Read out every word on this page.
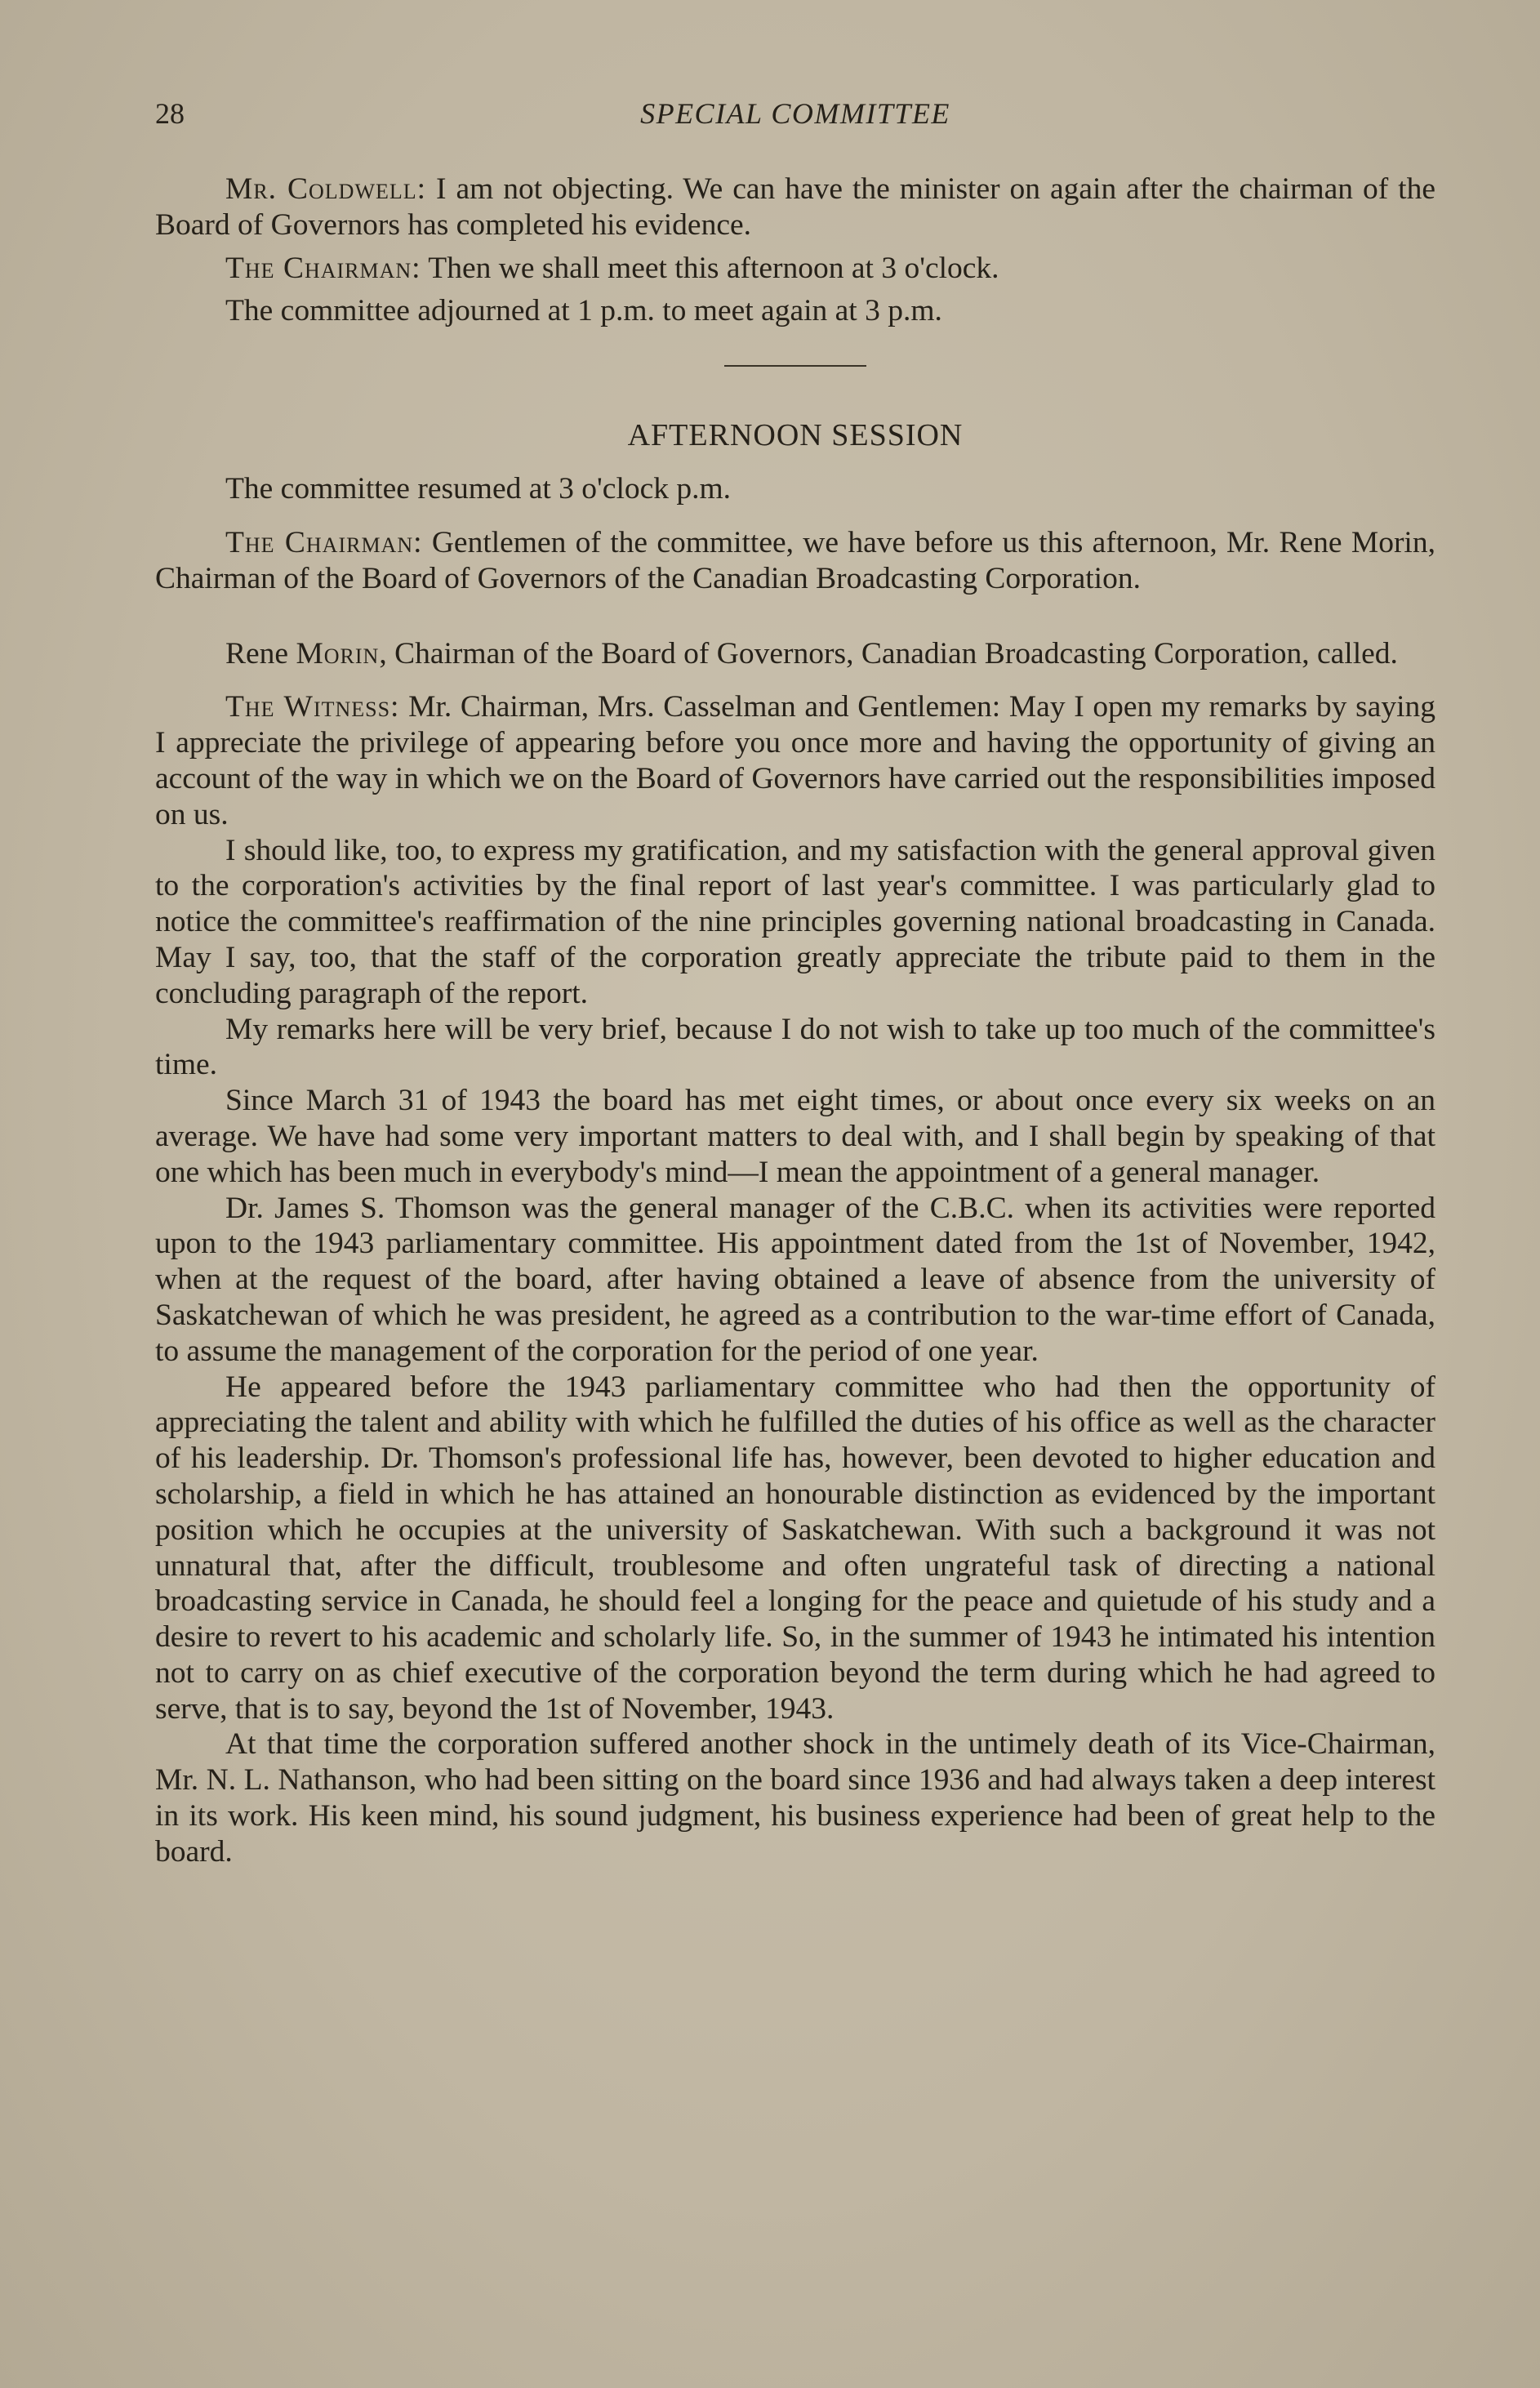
28	SPECIAL COMMITTEE

Mr. Coldwell: I am not objecting. We can have the minister on again after the chairman of the Board of Governors has completed his evidence.

The Chairman: Then we shall meet this afternoon at 3 o'clock.

The committee adjourned at 1 p.m. to meet again at 3 p.m.

AFTERNOON SESSION

The committee resumed at 3 o'clock p.m.

The Chairman: Gentlemen of the committee, we have before us this afternoon, Mr. Rene Morin, Chairman of the Board of Governors of the Canadian Broadcasting Corporation.

Rene Morin, Chairman of the Board of Governors, Canadian Broadcasting Corporation, called.

The Witness: Mr. Chairman, Mrs. Casselman and Gentlemen: May I open my remarks by saying I appreciate the privilege of appearing before you once more and having the opportunity of giving an account of the way in which we on the Board of Governors have carried out the responsibilities imposed on us.

I should like, too, to express my gratification, and my satisfaction with the general approval given to the corporation's activities by the final report of last year's committee. I was particularly glad to notice the committee's reaffirmation of the nine principles governing national broadcasting in Canada. May I say, too, that the staff of the corporation greatly appreciate the tribute paid to them in the concluding paragraph of the report.

My remarks here will be very brief, because I do not wish to take up too much of the committee's time.

Since March 31 of 1943 the board has met eight times, or about once every six weeks on an average. We have had some very important matters to deal with, and I shall begin by speaking of that one which has been much in everybody's mind—I mean the appointment of a general manager.

Dr. James S. Thomson was the general manager of the C.B.C. when its activities were reported upon to the 1943 parliamentary committee. His appointment dated from the 1st of November, 1942, when at the request of the board, after having obtained a leave of absence from the university of Saskatchewan of which he was president, he agreed as a contribution to the war-time effort of Canada, to assume the management of the corporation for the period of one year.

He appeared before the 1943 parliamentary committee who had then the opportunity of appreciating the talent and ability with which he fulfilled the duties of his office as well as the character of his leadership. Dr. Thomson's professional life has, however, been devoted to higher education and scholarship, a field in which he has attained an honourable distinction as evidenced by the important position which he occupies at the university of Saskatchewan. With such a background it was not unnatural that, after the difficult, troublesome and often ungrateful task of directing a national broadcasting service in Canada, he should feel a longing for the peace and quietude of his study and a desire to revert to his academic and scholarly life. So, in the summer of 1943 he intimated his intention not to carry on as chief executive of the corporation beyond the term during which he had agreed to serve, that is to say, beyond the 1st of November, 1943.

At that time the corporation suffered another shock in the untimely death of its Vice-Chairman, Mr. N. L. Nathanson, who had been sitting on the board since 1936 and had always taken a deep interest in its work. His keen mind, his sound judgment, his business experience had been of great help to the board.
